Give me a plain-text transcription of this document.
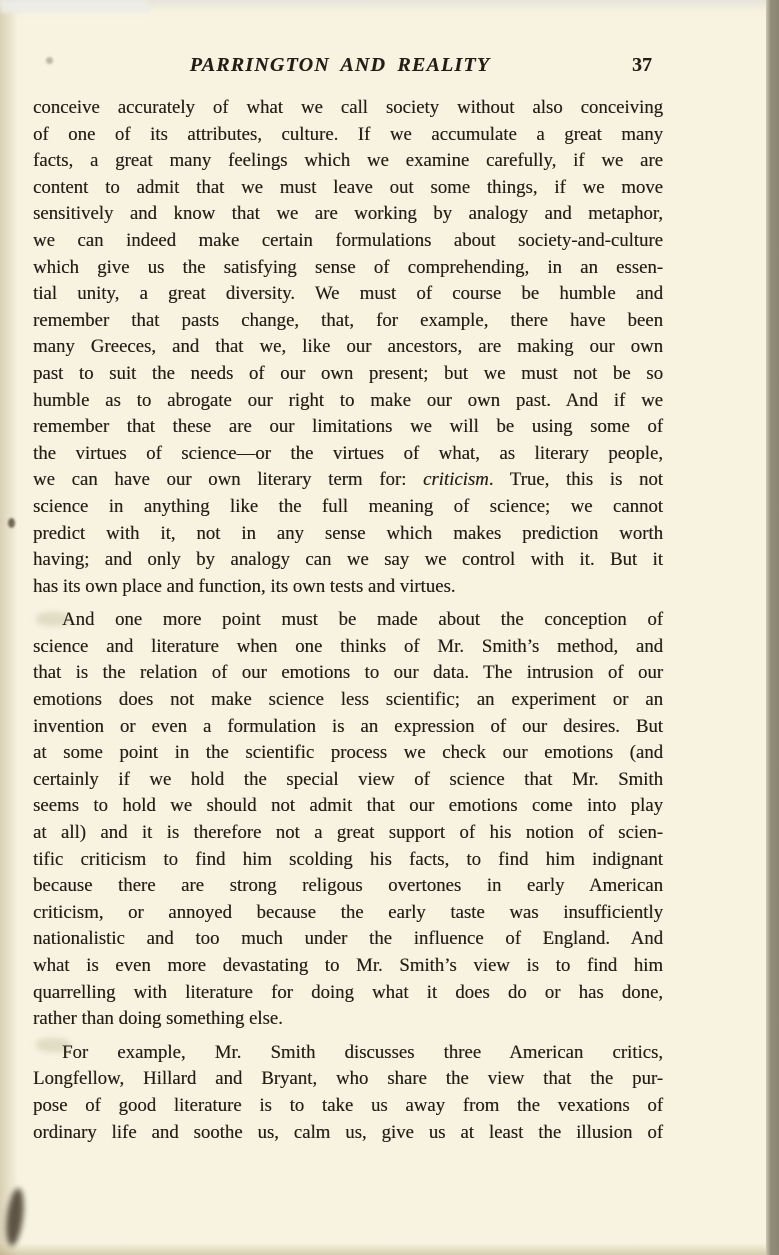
PARRINGTON AND REALITY	37
conceive accurately of what we call society without also conceiving
of one of its attributes, culture. If we accumulate a great many
facts, a great many feelings which we examine carefully, if we are
content to admit that we must leave out some things, if we move
sensitively and know that we are working by analogy and metaphor,
we can indeed make certain formulations about society-and-culture
which give us the satisfying sense of comprehending, in an essen-
tial unity, a great diversity. We must of course be humble and
remember that pasts change, that, for example, there have been
many Greeces, and that we, like our ancestors, are making our own
past to suit the needs of our own present; but we must not be so
humble as to abrogate our right to make our own past. And if we
remember that these are our limitations we will be using some of
the virtues of science—or the virtues of what, as literary people,
we can have our own literary term for: criticism. True, this is not
science in anything like the full meaning of science; we cannot
predict with it, not in any sense which makes prediction worth
having; and only by analogy can we say we control with it. But it
has its own place and function, its own tests and virtues.
And one more point must be made about the conception of
science and literature when one thinks of Mr. Smith’s method, and
that is the relation of our emotions to our data. The intrusion of our
emotions does not make science less scientific; an experiment or an
invention or even a formulation is an expression of our desires. But
at some point in the scientific process we check our emotions (and
certainly if we hold the special view of science that Mr. Smith
seems to hold we should not admit that our emotions come into play
at all) and it is therefore not a great support of his notion of scien-
tific criticism to find him scolding his facts, to find him indignant
because there are strong religous overtones in early American
criticism, or annoyed because the early taste was insufficiently
nationalistic and too much under the influence of England. And
what is even more devastating to Mr. Smith’s view is to find him
quarrelling with literature for doing what it does do or has done,
rather than doing something else.
For example, Mr. Smith discusses three American critics,
Longfellow, Hillard and Bryant, who share the view that the pur-
pose of good literature is to take us away from the vexations of
ordinary life and soothe us, calm us, give us at least the illusion of
